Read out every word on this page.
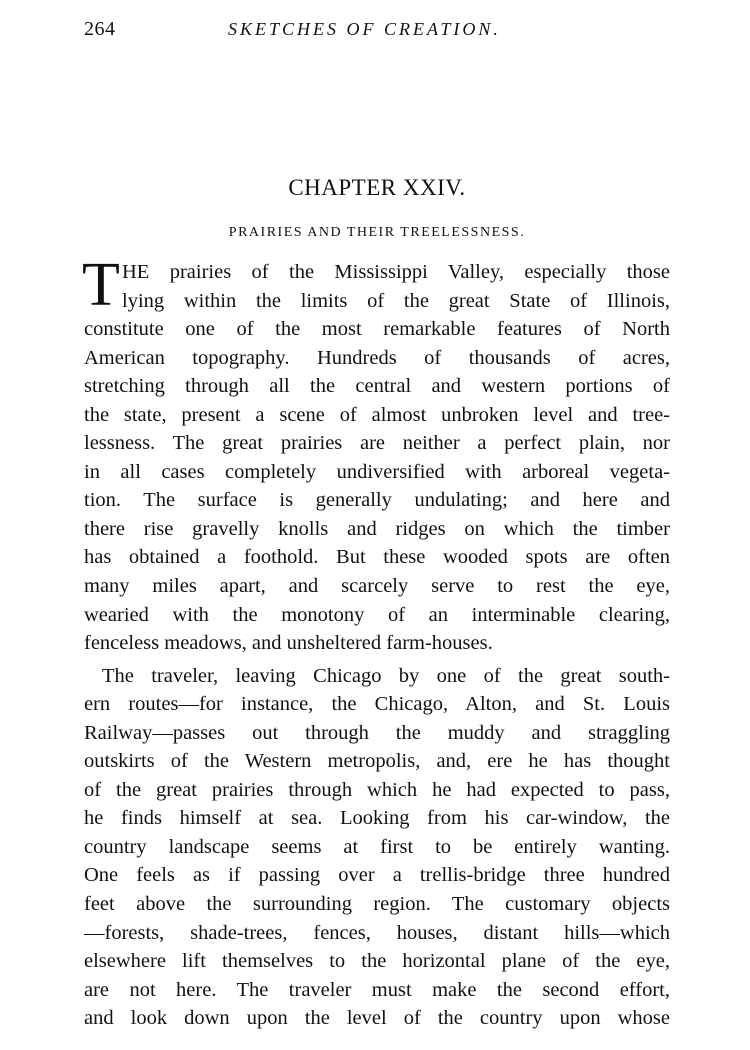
264	SKETCHES OF CREATION.
CHAPTER XXIV.
PRAIRIES AND THEIR TREELESSNESS.
T HE prairies of the Mississippi Valley, especially those
lying within the limits of the great State of Illinois,
constitute one of the most remarkable features of North
American topography. Hundreds of thousands of acres,
stretching through all the central and western portions of
the state, present a scene of almost unbroken level and tree-
lessness. The great prairies are neither a perfect plain, nor
in all cases completely undiversified with arboreal vegeta-
tion. The surface is generally undulating; and here and
there rise gravelly knolls and ridges on which the timber
has obtained a foothold. But these wooded spots are often
many miles apart, and scarcely serve to rest the eye,
wearied with the monotony of an interminable clearing,
fenceless meadows, and unsheltered farm-houses.
The traveler, leaving Chicago by one of the great south-
ern routes—for instance, the Chicago, Alton, and St. Louis
Railway—passes out through the muddy and straggling
outskirts of the Western metropolis, and, ere he has thought
of the great prairies through which he had expected to pass,
he finds himself at sea. Looking from his car-window, the
country landscape seems at first to be entirely wanting.
One feels as if passing over a trellis-bridge three hundred
feet above the surrounding region. The customary objects
—forests, shade-trees, fences, houses, distant hills—which
elsewhere lift themselves to the horizontal plane of the eye,
are not here. The traveler must make the second effort,
and look down upon the level of the country upon whose
